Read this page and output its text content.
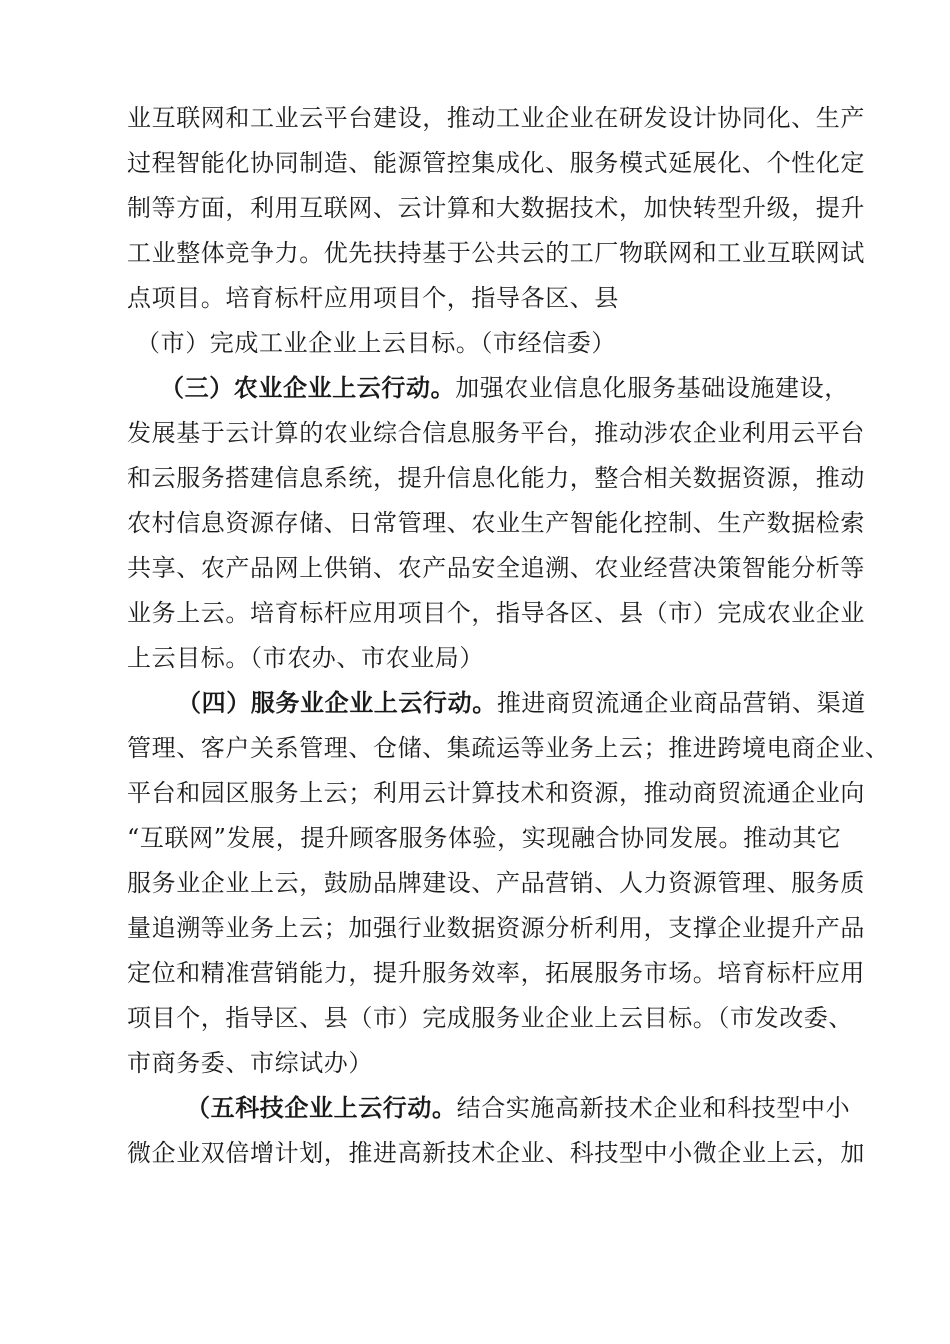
业互联网和工业云平台建设，推动工业企业在研发设计协同化、生产
过程智能化协同制造、能源管控集成化、服务模式延展化、个性化定
制等方面，利用互联网、云计算和大数据技术，加快转型升级，提升
工业整体竞争力。优先扶持基于公共云的工厂物联网和工业互联网试
点项目。培育标杆应用项目个，指导各区、县
（市）完成工业企业上云目标。（市经信委）
（三）农业企业上云行动。加强农业信息化服务基础设施建设，
发展基于云计算的农业综合信息服务平台，推动涉农企业利用云平台
和云服务搭建信息系统，提升信息化能力，整合相关数据资源，推动
农村信息资源存储、日常管理、农业生产智能化控制、生产数据检索
共享、农产品网上供销、农产品安全追溯、农业经营决策智能分析等
业务上云。培育标杆应用项目个，指导各区、县（市）完成农业企业
上云目标。（市农办、市农业局）
（四）服务业企业上云行动。推进商贸流通企业商品营销、渠道
管理、客户关系管理、仓储、集疏运等业务上云；推进跨境电商企业、
平台和园区服务上云；利用云计算技术和资源，推动商贸流通企业向
“互联网”发展，提升顾客服务体验，实现融合协同发展。推动其它
服务业企业上云，鼓励品牌建设、产品营销、人力资源管理、服务质
量追溯等业务上云；加强行业数据资源分析利用，支撑企业提升产品
定位和精准营销能力，提升服务效率，拓展服务市场。培育标杆应用
项目个，指导区、县（市）完成服务业企业上云目标。（市发改委、
市商务委、市综试办）
（五科技企业上云行动。结合实施高新技术企业和科技型中小
微企业双倍增计划，推进高新技术企业、科技型中小微企业上云，加
